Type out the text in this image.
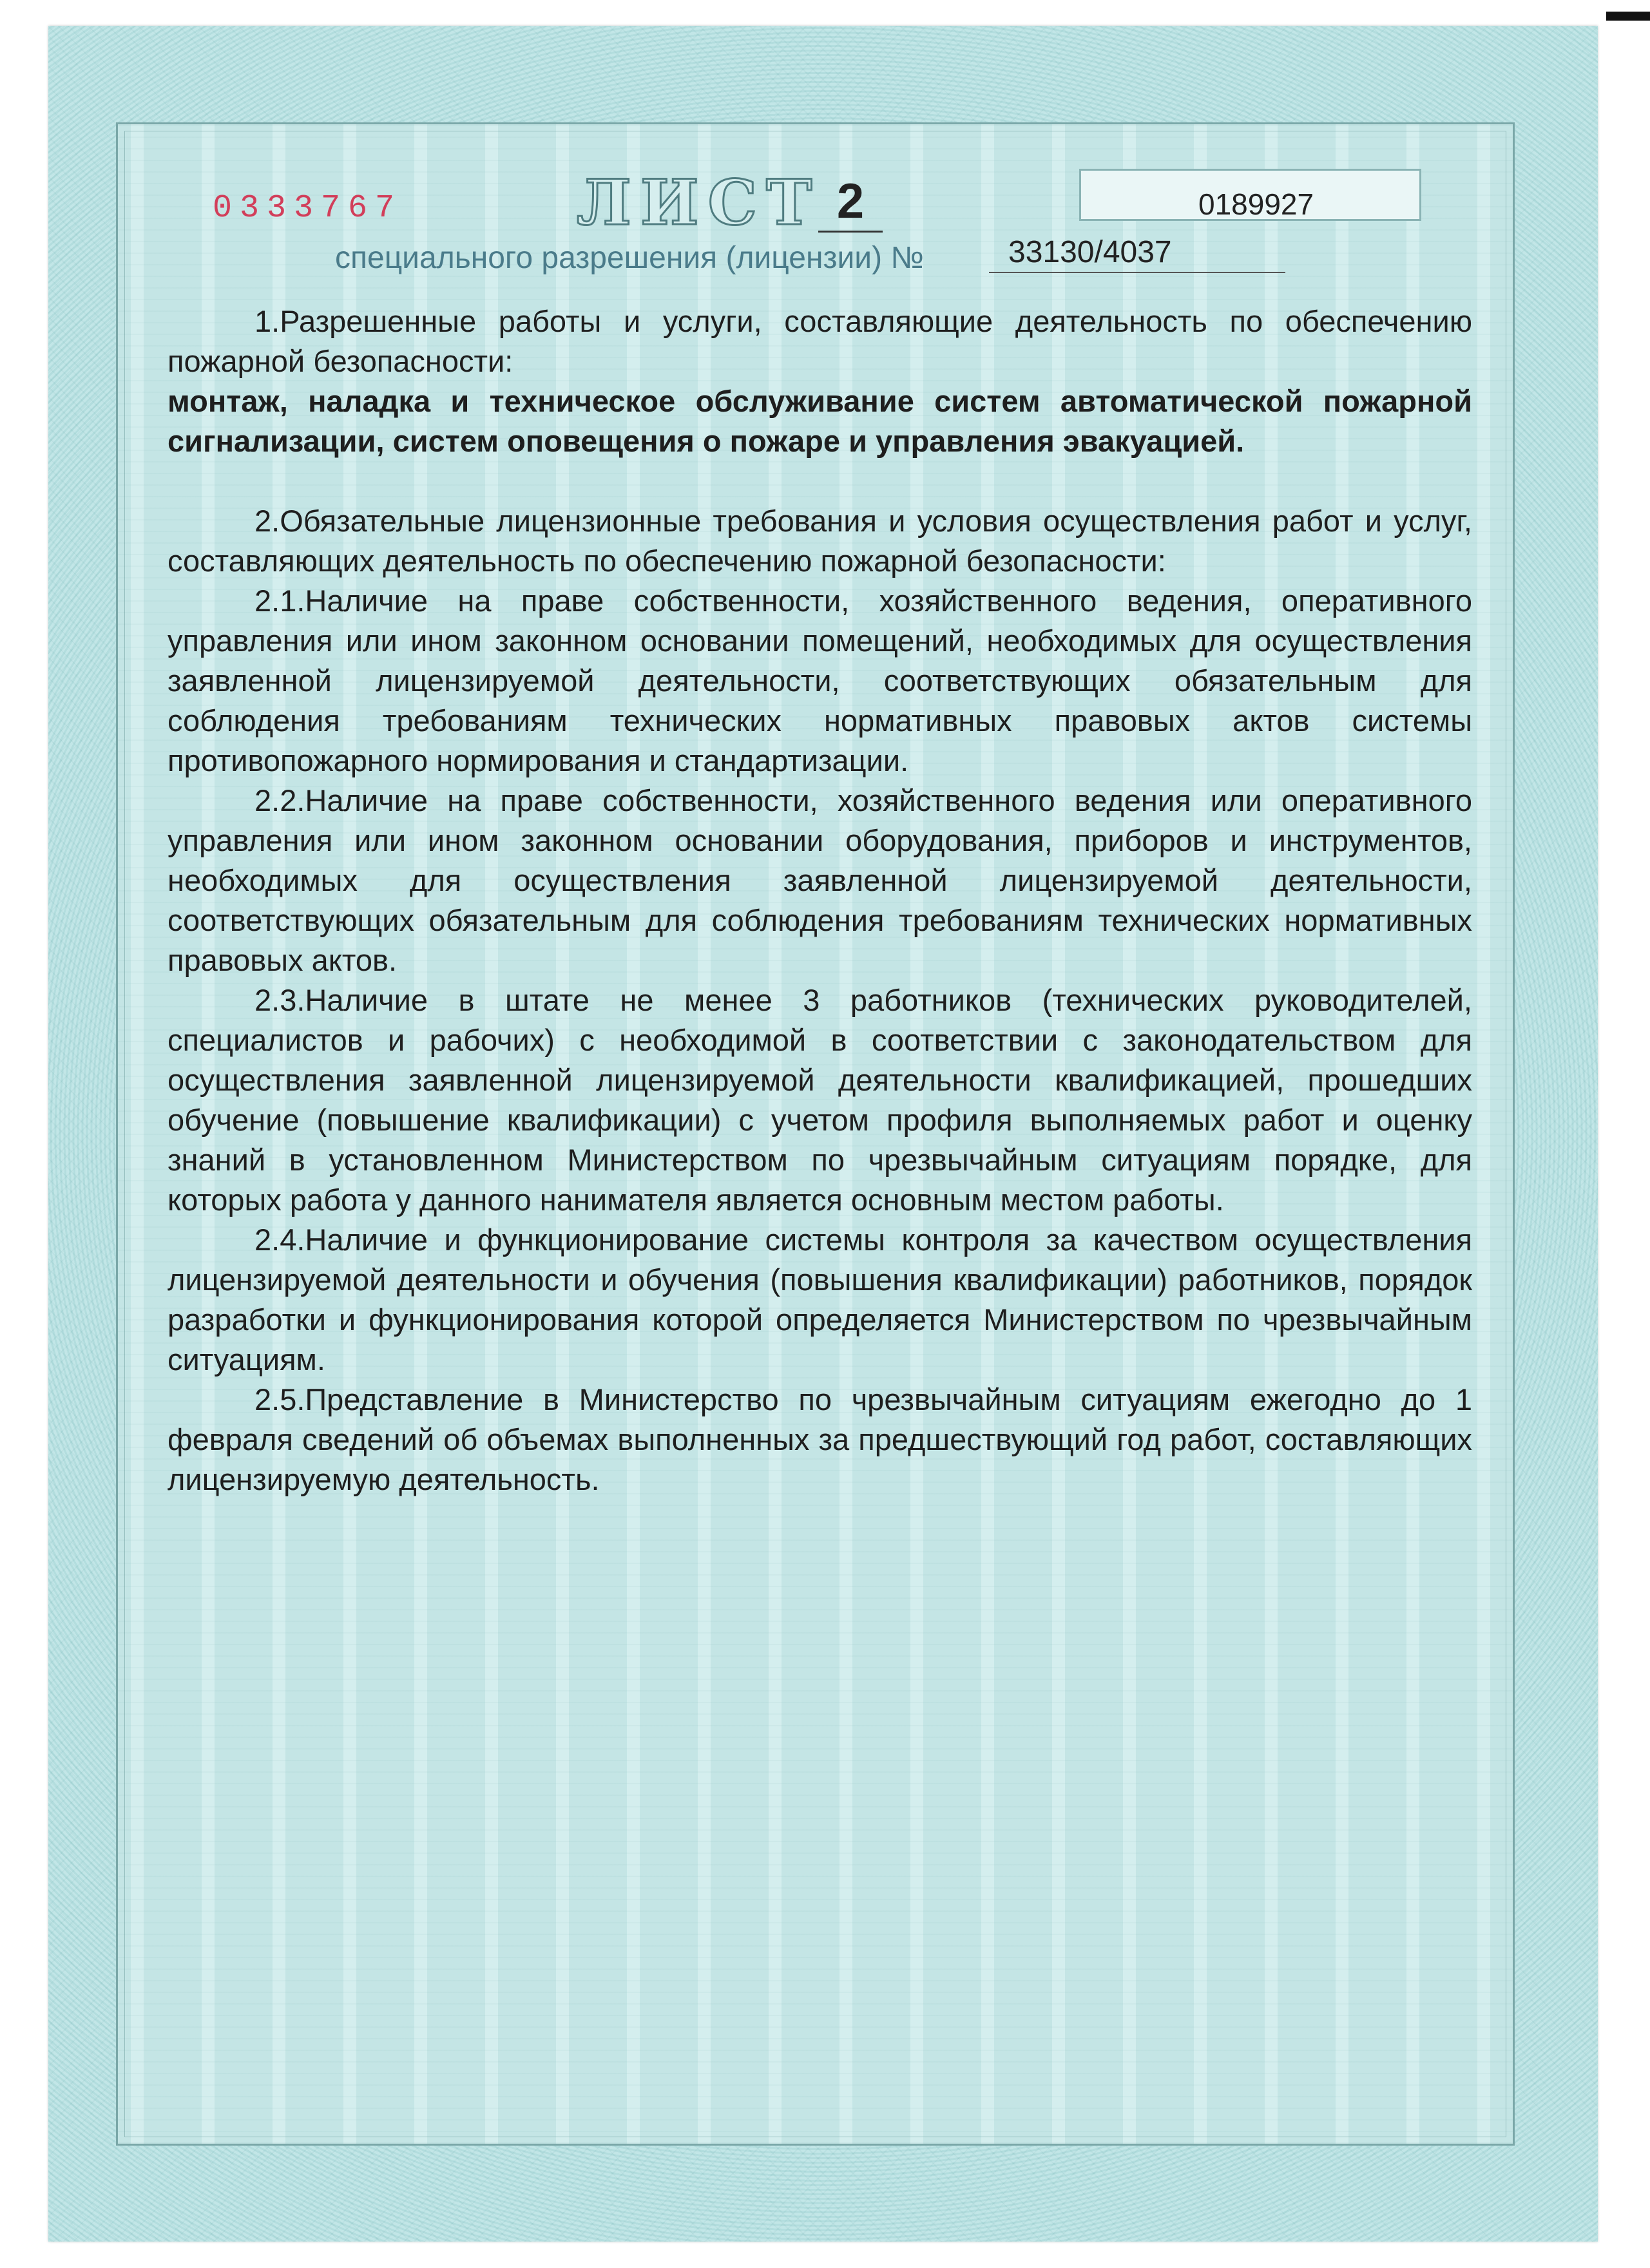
0333767	ЛИСТ 2	0189927
специального разрешения (лицензии) №	33130/4037

1.Разрешенные работы и услуги, составляющие деятельность по обеспечению пожарной безопасности:

монтаж, наладка и техническое обслуживание систем автоматической пожарной сигнализации, систем оповещения о пожаре и управления эвакуацией.

2.Обязательные лицензионные требования и условия осуществления работ и услуг, составляющих деятельность по обеспечению пожарной безопасности:

2.1.Наличие на праве собственности, хозяйственного ведения, оперативного управления или ином законном основании помещений, необходимых для осуществления заявленной лицензируемой деятельности, соответствующих обязательным для соблюдения требованиям технических нормативных правовых актов системы противопожарного нормирования и стандартизации.

2.2.Наличие на праве собственности, хозяйственного ведения или оперативного управления или ином законном основании оборудования, приборов и инструментов, необходимых для осуществления заявленной лицензируемой деятельности, соответствующих обязательным для соблюдения требованиям технических нормативных правовых актов.

2.3.Наличие в штате не менее 3 работников (технических руководителей, специалистов и рабочих) с необходимой в соответствии с законодательством для осуществления заявленной лицензируемой деятельности квалификацией, прошедших обучение (повышение квалификации) с учетом профиля выполняемых работ и оценку знаний в установленном Министерством по чрезвычайным ситуациям порядке, для которых работа у данного нанимателя является основным местом работы.

2.4.Наличие и функционирование системы контроля за качеством осуществления лицензируемой деятельности и обучения (повышения квалификации) работников, порядок разработки и функционирования которой определяется Министерством по чрезвычайным ситуациям.

2.5.Представление в Министерство по чрезвычайным ситуациям ежегодно до 1 февраля сведений об объемах выполненных за предшествующий год работ, составляющих лицензируемую деятельность.
